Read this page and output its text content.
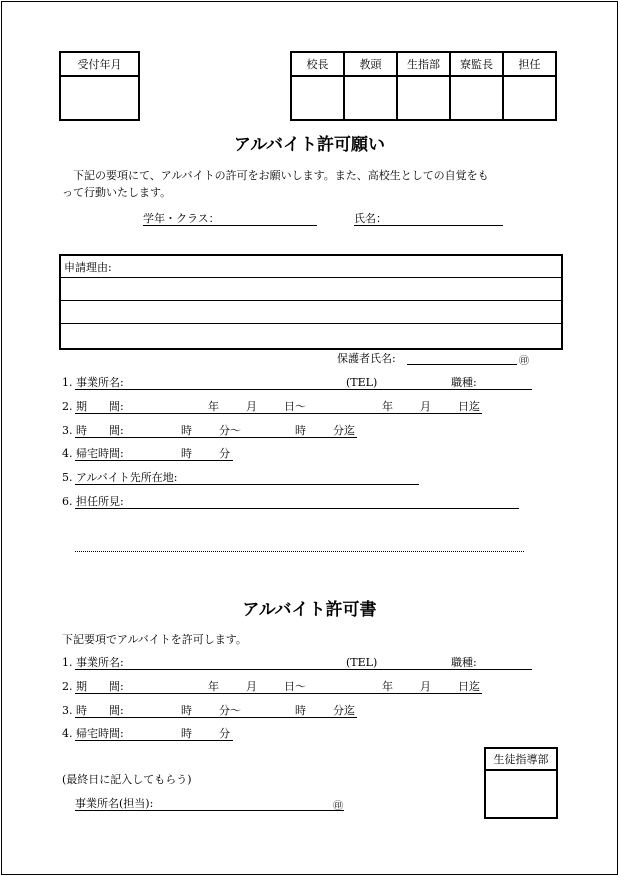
受付年月	校長	教頭	生指部	寮監長	担任

アルバイト許可願い
下記の要項にて、アルバイトの許可をお願いします。また、高校生としての自覚をも
って行動いたします。
学年・クラス：	氏名：
申請理由:
保護者氏名:	㊞
1. 事業所名:	(TEL)	職種:
2. 期　　間:	年 月 日〜	年 月 日迄
3. 時　　間:	時 分〜	時 分迄
4. 帰宅時間:	時 分
5. アルバイト先所在地:
6. 担任所見:
アルバイト許可書
下記要項でアルバイトを許可します。
1. 事業所名:	(TEL)	職種:
2. 期　　間:	年 月 日〜	年 月 日迄
3. 時　　間:	時 分〜	時 分迄
4. 帰宅時間:	時 分
生徒指導部

(最終日に記入してもらう)
事業所名(担当):	㊞
